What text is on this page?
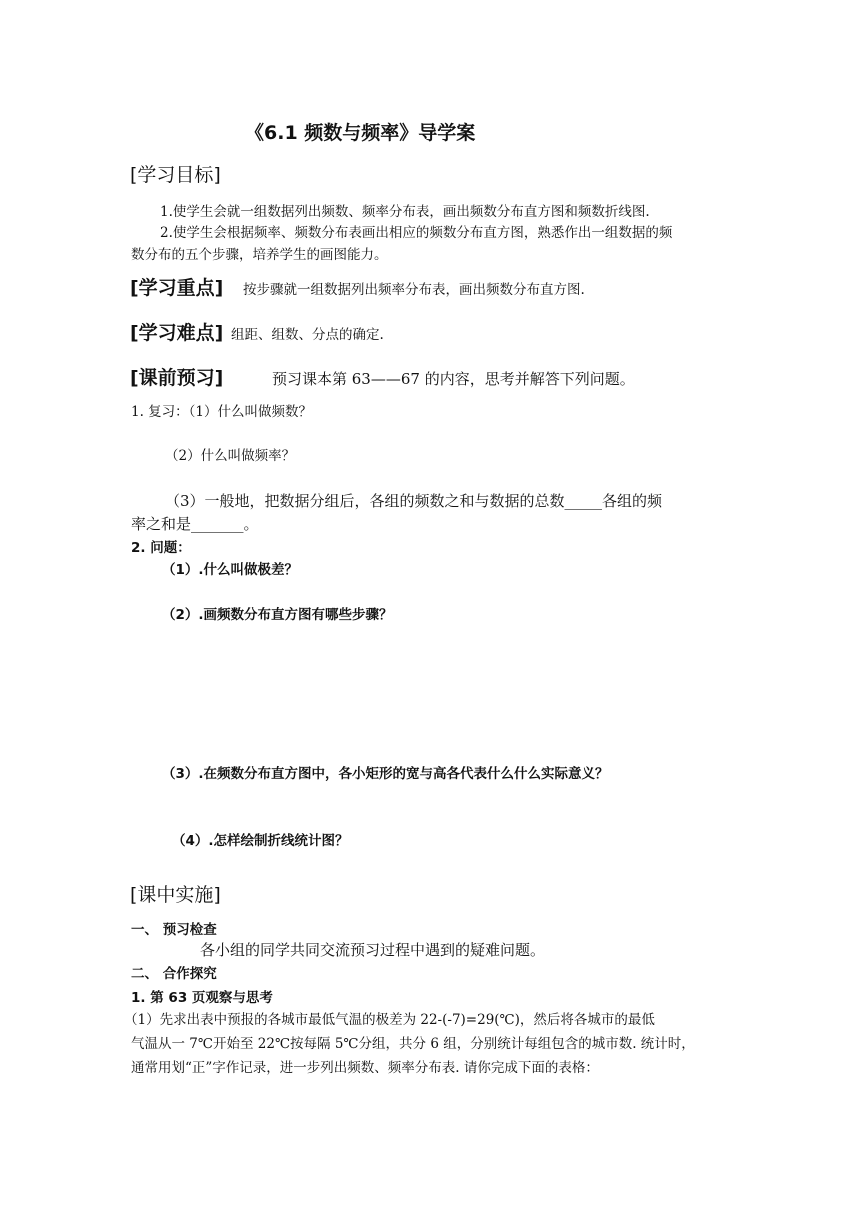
《6.1 频数与频率》导学案
[学习目标]
1.使学生会就一组数据列出频数、频率分布表，画出频数分布直方图和频数折线图.
2.使学生会根据频率、频数分布表画出相应的频数分布直方图，熟悉作出一组数据的频
数分布的五个步骤，培养学生的画图能力。
[学习重点] 按步骤就一组数据列出频率分布表，画出频数分布直方图.
[学习难点] 组距、组数、分点的确定.
[课前预习]	预习课本第 63——67 的内容，思考并解答下列问题。
1. 复习：（1）什么叫做频数？
（2）什么叫做频率？
（3）一般地，把数据分组后，各组的频数之和与数据的总数_____各组的频
率之和是_______。
2. 问题：
（1）.什么叫做极差？
（2）.画频数分布直方图有哪些步骤？
（3）.在频数分布直方图中，各小矩形的宽与高各代表什么什么实际意义？
（4）.怎样绘制折线统计图？
[课中实施]
一、 预习检查
各小组的同学共同交流预习过程中遇到的疑难问题。
二、 合作探究
1. 第 63 页观察与思考
（1）先求出表中预报的各城市最低气温的极差为 22-(-7)=29(℃)，然后将各城市的最低
气温从一 7℃开始至 22℃按每隔 5℃分组，共分 6 组，分别统计每组包含的城市数. 统计时，
通常用划“正”字作记录，进一步列出频数、频率分布表. 请你完成下面的表格：
